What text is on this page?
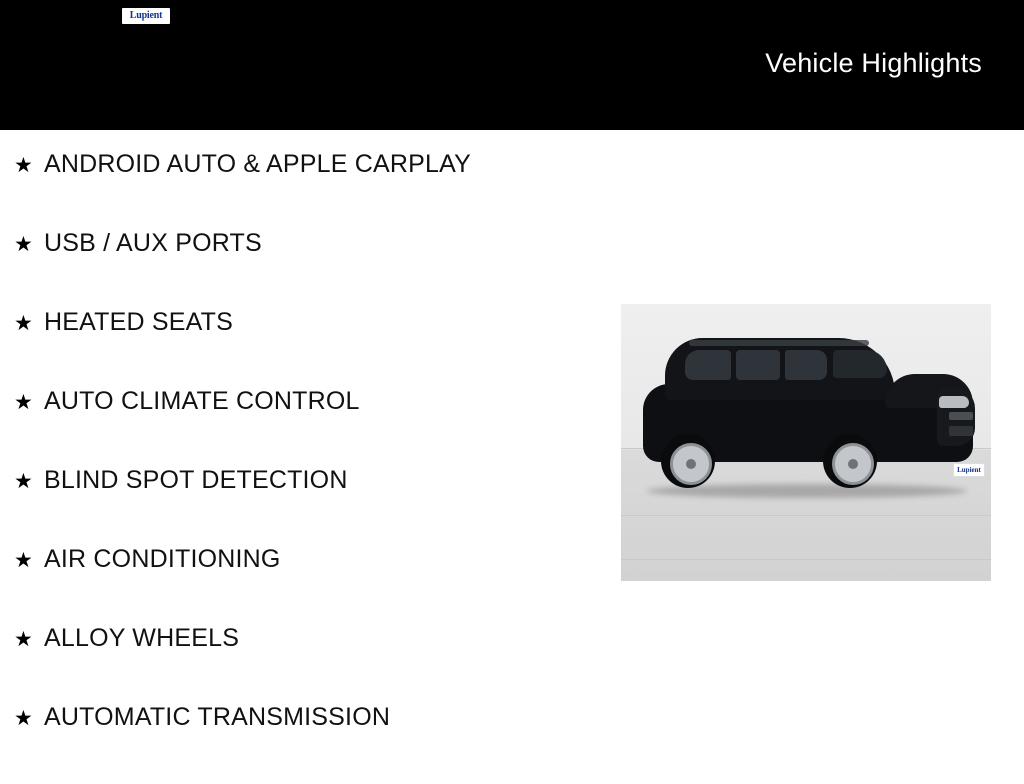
Lupient
Vehicle Highlights
★ ANDROID AUTO & APPLE CARPLAY
★ USB / AUX PORTS
★ HEATED SEATS
★ AUTO CLIMATE CONTROL
★ BLIND SPOT DETECTION
★ AIR CONDITIONING
★ ALLOY WHEELS
★ AUTOMATIC TRANSMISSION
Lupient
